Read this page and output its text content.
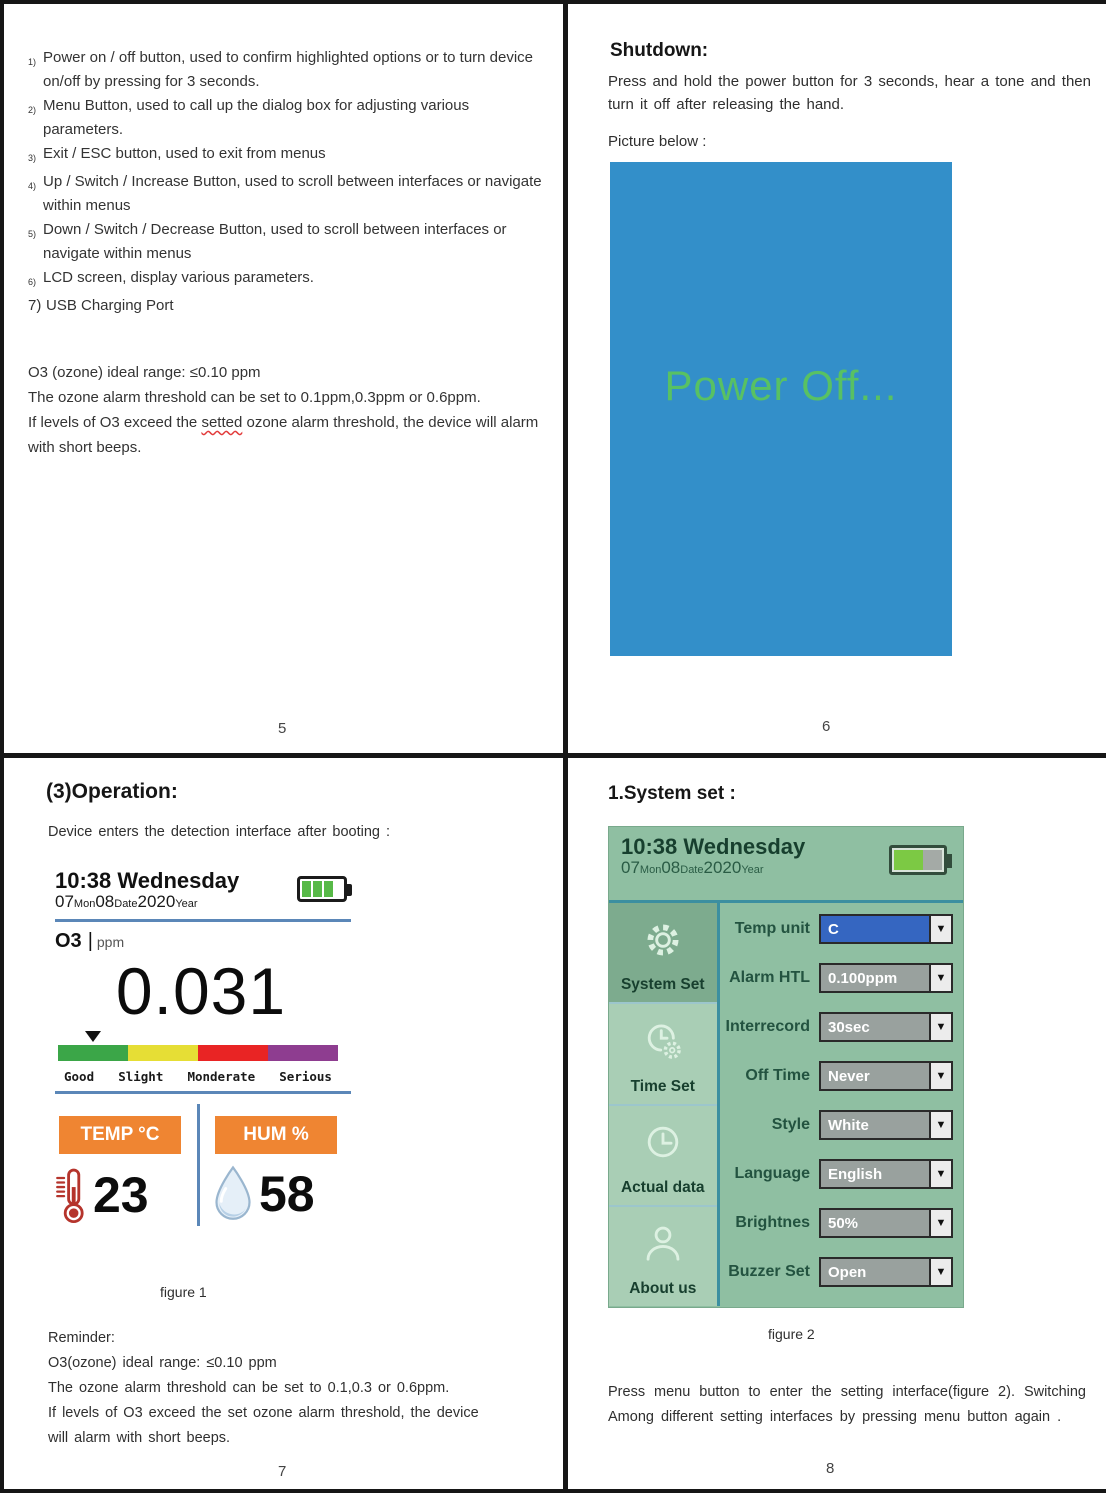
1) Power on / off button, used to confirm highlighted options or to turn device on/off by pressing for 3 seconds.
2) Menu Button, used to call up the dialog box for adjusting various parameters.
3) Exit / ESC button, used to exit from menus
4) Up / Switch / Increase Button, used to scroll between interfaces or navigate within menus
5) Down / Switch / Decrease Button, used to scroll between interfaces or navigate within menus
6) LCD screen, display various parameters.
7) USB Charging Port
O3 (ozone) ideal range: ≤0.10 ppm
The ozone alarm threshold can be set to 0.1ppm,0.3ppm or 0.6ppm.
If levels of O3 exceed the setted ozone alarm threshold, the device will alarm with short beeps.
5
Shutdown:
Press and hold the power button for 3 seconds, hear a tone and then turn it off after releasing the hand.
Picture below :
Power Off...
6
(3)Operation:
Device enters the detection interface after booting :
10:38 Wednesday
07Mon08Date2020Year
O3 | ppm
0.031
Good Slight Monderate Serious
TEMP °C
23
HUM %
58
figure 1
Reminder:
O3(ozone) ideal range: ≤0.10 ppm
The ozone alarm threshold can be set to 0.1,0.3 or 0.6ppm.
If levels of O3 exceed the set ozone alarm threshold, the device will alarm with short beeps.
7
1.System set :
10:38 Wednesday
07Mon08Date2020Year
System Set
Time Set
Actual data
About us
Temp unit	C	▼
Alarm HTL	0.100ppm	▼
Interrecord	30sec	▼
Off Time	Never	▼
Style	White	▼
Language	English	▼
Brightnes	50%	▼
Buzzer Set	Open	▼
figure 2
Press menu button to enter the setting interface(figure 2). Switching Among different setting interfaces by pressing menu button again .
8
